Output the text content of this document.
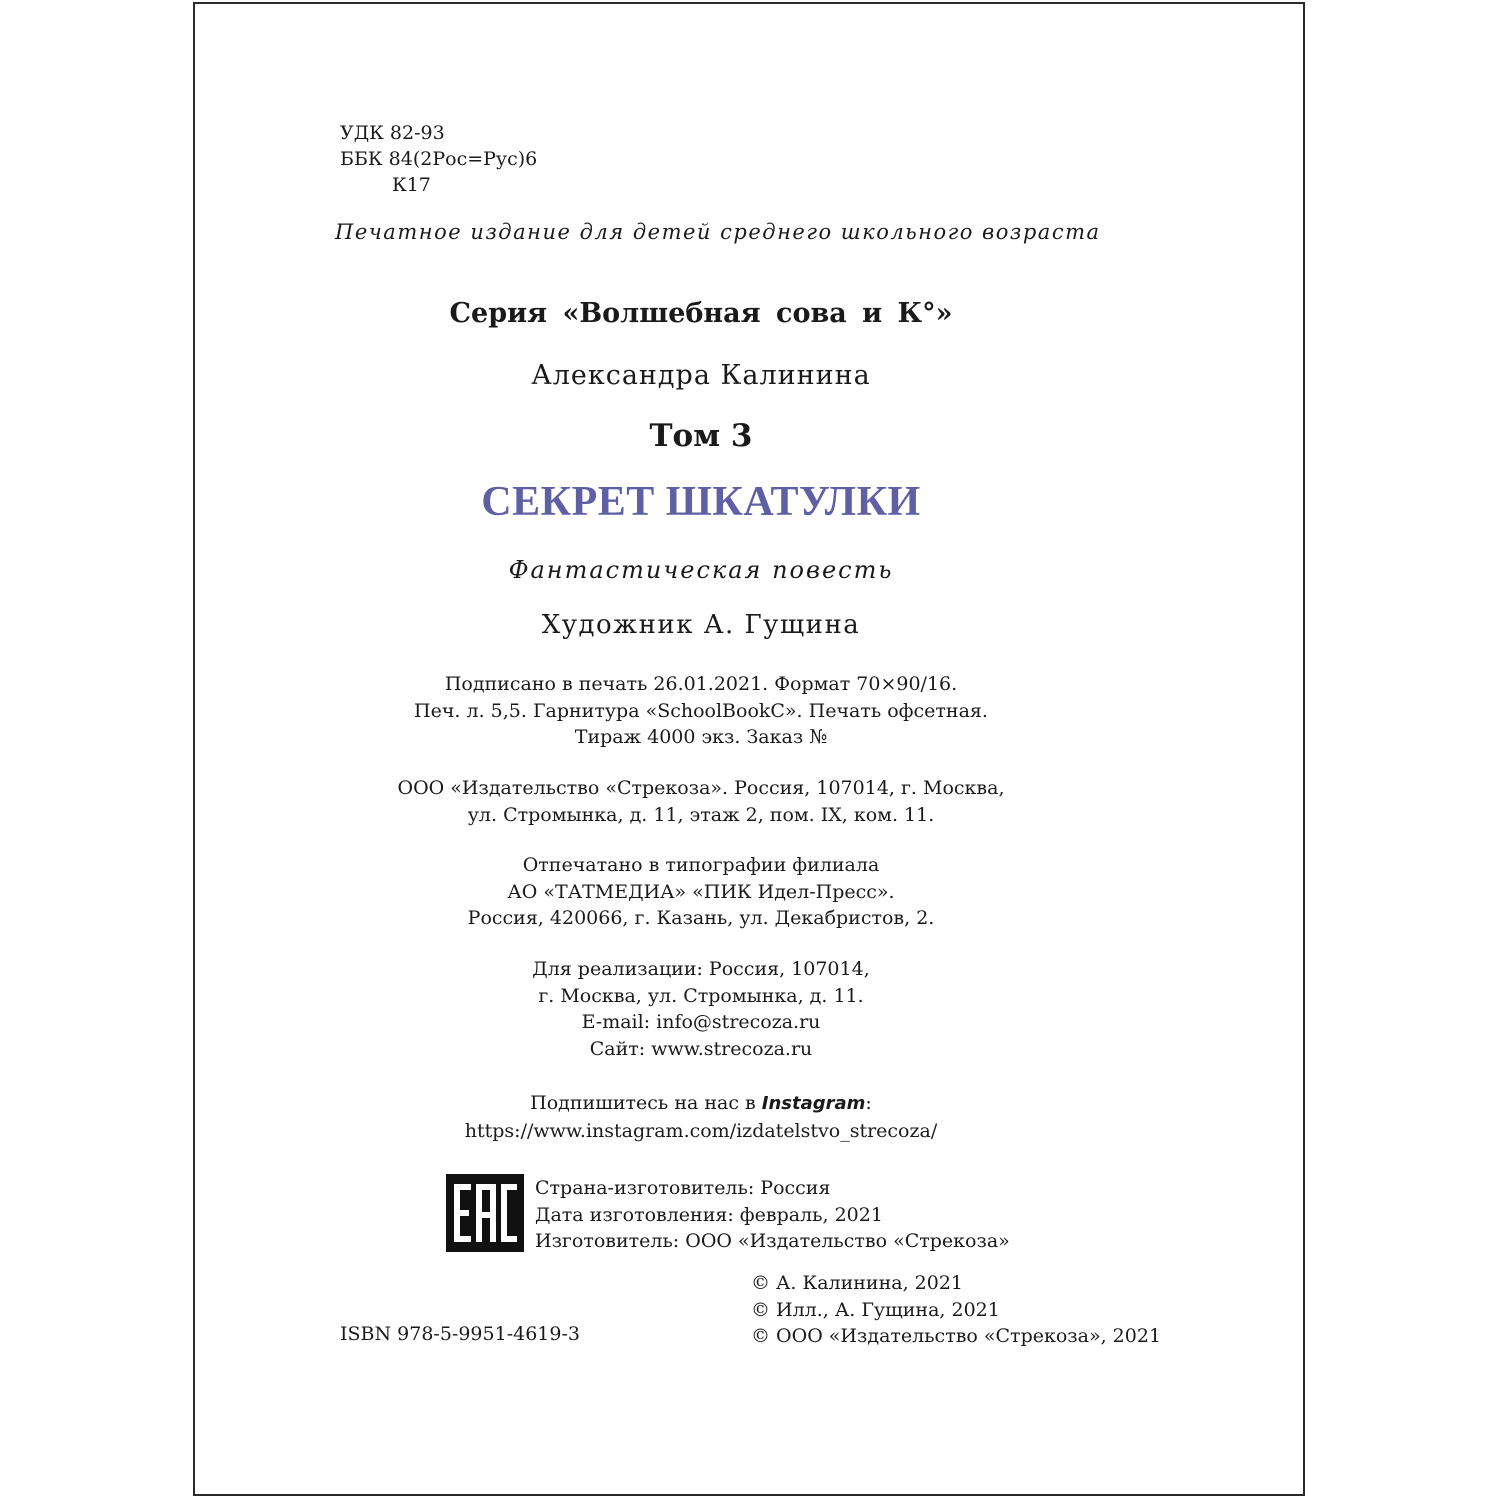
УДК 82-93
ББК 84(2Рос=Рус)6
К17
Печатное издание для детей среднего школьного возраста
Серия «Волшебная сова и К°»
Александра Калинина
Том 3
СЕКРЕТ ШКАТУЛКИ
Фантастическая повесть
Художник А. Гущина
Подписано в печать 26.01.2021. Формат 70×90/16.
Печ. л. 5,5. Гарнитура «SchoolBookC». Печать офсетная.
Тираж 4000 экз. Заказ №
ООО «Издательство «Стрекоза». Россия, 107014, г. Москва,
ул. Стромынка, д. 11, этаж 2, пом. IX, ком. 11.
Отпечатано в типографии филиала
АО «ТАТМЕДИА» «ПИК Идел-Пресс».
Россия, 420066, г. Казань, ул. Декабристов, 2.
Для реализации: Россия, 107014,
г. Москва, ул. Стромынка, д. 11.
E-mail: info@strecoza.ru
Сайт: www.strecoza.ru
Подпишитесь на нас в Instagram:
https://www.instagram.com/izdatelstvo_strecoza/
Страна-изготовитель: Россия
Дата изготовления: февраль, 2021
Изготовитель: ООО «Издательство «Стрекоза»
© А. Калинина, 2021
© Илл., А. Гущина, 2021
© ООО «Издательство «Стрекоза», 2021
ISBN 978-5-9951-4619-3
